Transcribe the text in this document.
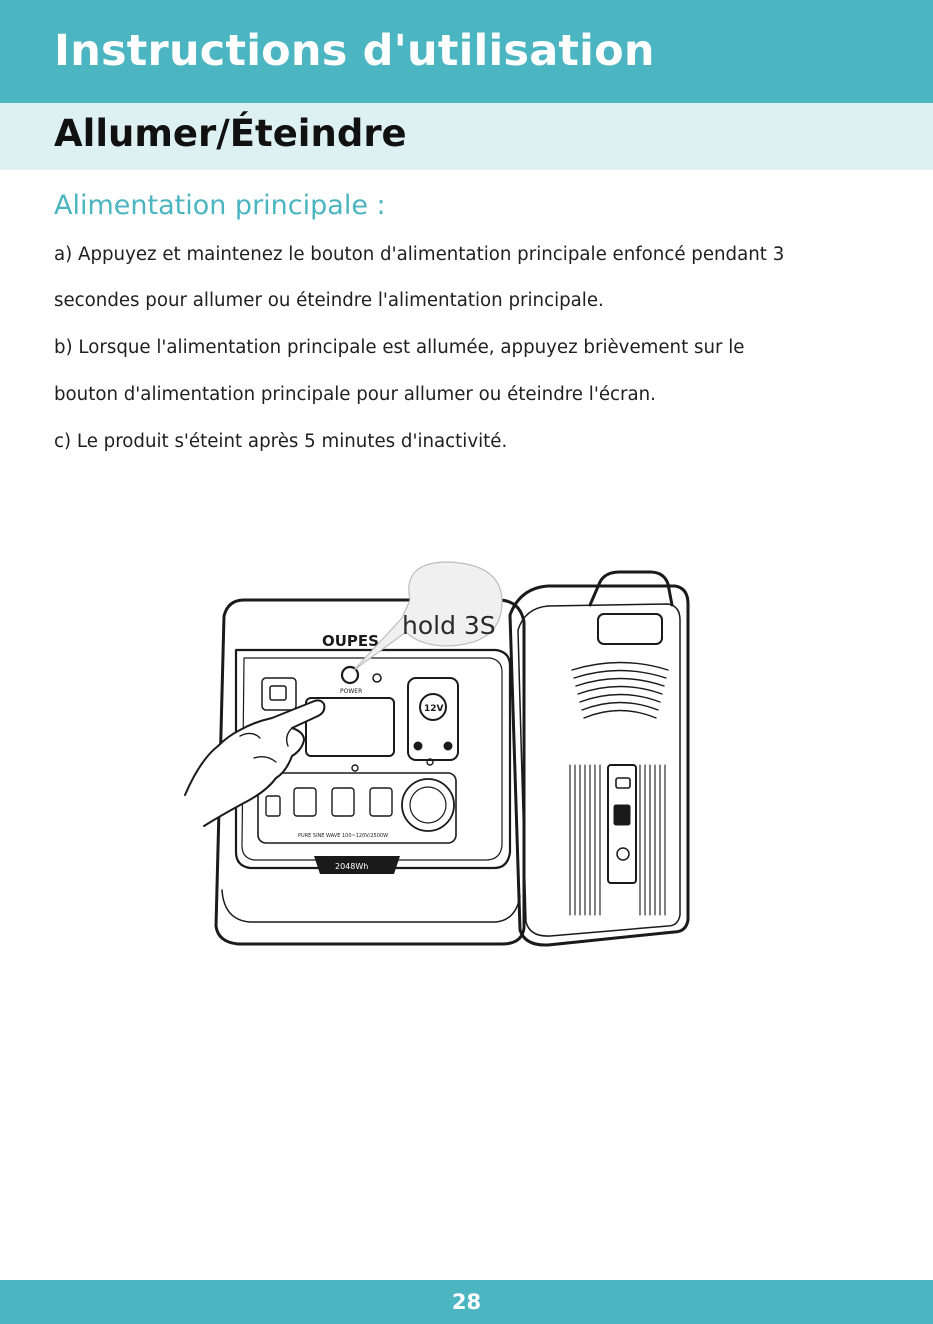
Instructions d'utilisation
Allumer/Éteindre
Alimentation principale :
a) Appuyez et maintenez le bouton d'alimentation principale enfoncé pendant 3
secondes pour allumer ou éteindre l'alimentation principale.
b) Lorsque l'alimentation principale est allumée, appuyez brièvement sur le
bouton d'alimentation principale pour allumer ou éteindre l'écran.
c) Le produit s'éteint après 5 minutes d'inactivité.
OUPES
POWER
12V
PURE SINE WAVE 100~120V/2500W
2048Wh
hold 3S
28
